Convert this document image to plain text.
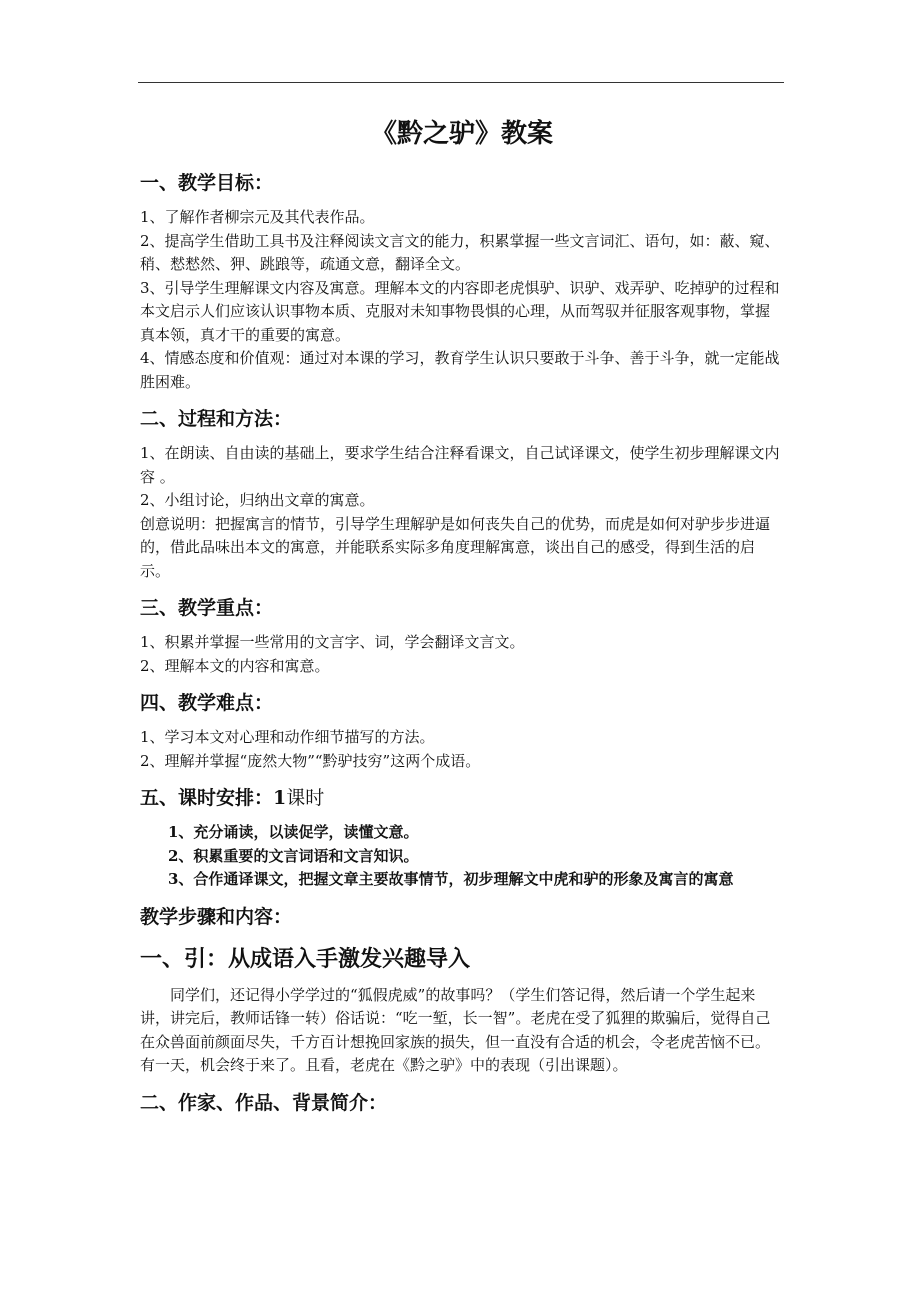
《黔之驴》教案
一、教学目标：

1、了解作者柳宗元及其代表作品。

2、提高学生借助工具书及注释阅读文言文的能力，积累掌握一些文言词汇、语句，如：蔽、窥、稍、慭慭然、狎、跳踉等，疏通文意，翻译全文。

3、引导学生理解课文内容及寓意。理解本文的内容即老虎惧驴、识驴、戏弄驴、吃掉驴的过程和本文启示人们应该认识事物本质、克服对未知事物畏惧的心理，从而驾驭并征服客观事物，掌握真本领，真才干的重要的寓意。

4、情感态度和价值观：通过对本课的学习，教育学生认识只要敢于斗争、善于斗争，就一定能战胜困难。

二、过程和方法：

1、在朗读、自由读的基础上，要求学生结合注释看课文，自己试译课文，使学生初步理解课文内容 。

2、小组讨论，归纳出文章的寓意。

创意说明：把握寓言的情节，引导学生理解驴是如何丧失自己的优势，而虎是如何对驴步步进逼的，借此品味出本文的寓意，并能联系实际多角度理解寓意，谈出自己的感受，得到生活的启示。

三、教学重点：

1、积累并掌握一些常用的文言字、词，学会翻译文言文。

2、理解本文的内容和寓意。

四、教学难点：

1、学习本文对心理和动作细节描写的方法。

2、理解并掌握“庞然大物”“黔驴技穷”这两个成语。

五、课时安排：1课时

1、充分诵读，以读促学，读懂文意。

2、积累重要的文言词语和文言知识。

3、合作通译课文，把握文章主要故事情节，初步理解文中虎和驴的形象及寓言的寓意

教学步骤和内容：
一、引：从成语入手激发兴趣导入

同学们，还记得小学学过的“狐假虎威”的故事吗？（学生们答记得，然后请一个学生起来讲，讲完后，教师话锋一转）俗话说：“吃一堑，长一智”。老虎在受了狐狸的欺骗后，觉得自己在众兽面前颜面尽失，千方百计想挽回家族的损失，但一直没有合适的机会，令老虎苦恼不已。有一天，机会终于来了。且看，老虎在《黔之驴》中的表现（引出课题）。

二、作家、作品、背景简介：
